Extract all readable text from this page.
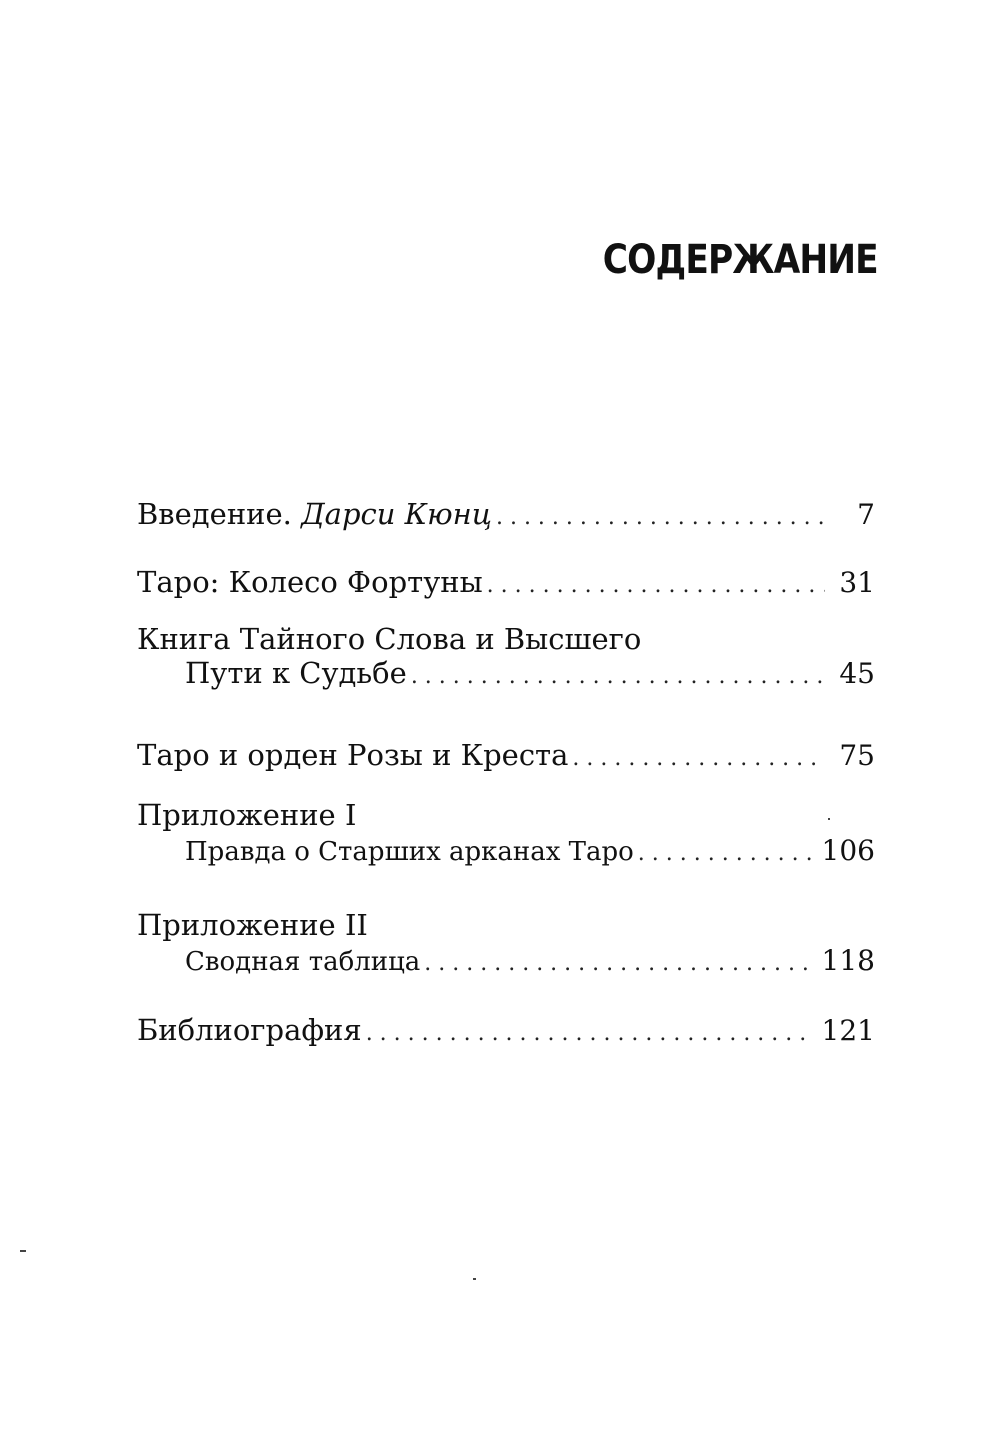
СОДЕРЖАНИЕ
Введение. Дарси Кюнц . . .	7
Таро: Колесо Фортуны . . .	31
Книга Тайного Слова и Высшего
Пути к Судьбе . . .	45
Таро и орден Розы и Креста . . .	75
Приложение I
Правда о Старших арканах Таро . . .	106
Приложение II
Сводная таблица . . .	118
Библиография . . .	121
